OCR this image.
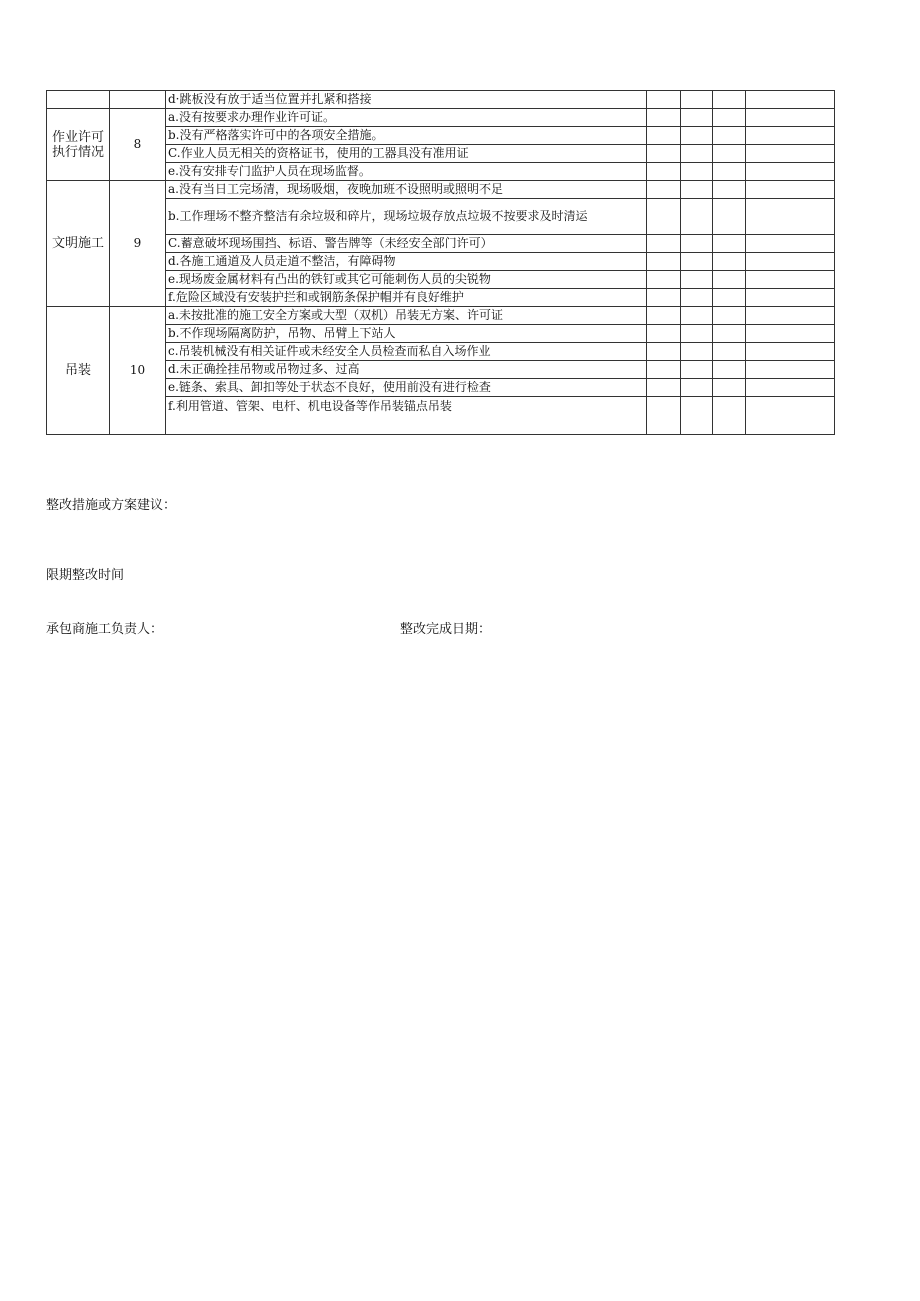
		d·跳板没有放于适当位置并扎紧和搭接				
作业许可执行情况	8	a.没有按要求办理作业许可证。				
		b.没有严格落实许可中的各项安全措施。				
		C.作业人员无相关的资格证书，使用的工器具没有准用证				
		e.没有安排专门监护人员在现场监督。				
文明施工	9	a.没有当日工完场清，现场吸烟，夜晚加班不设照明或照明不足				
		b.工作理场不整齐整洁有余垃圾和碎片，现场垃圾存放点垃圾不按要求及时清运				
		C.蓄意破坏现场围挡、标语、警告牌等（未经安全部门许可）				
		d.各施工通道及人员走道不整洁，有障碍物				
		e.现场废金属材料有凸出的铁钉或其它可能刺伤人员的尖锐物				
		f.危险区域没有安装护拦和或钢筋条保护帽并有良好维护				
吊装	10	a.未按批准的施工安全方案或大型（双机）吊装无方案、许可证				
		b.不作现场隔离防护，吊物、吊臂上下站人				
		c.吊装机械没有相关证件或未经安全人员检查而私自入场作业				
		d.未正确拴挂吊物或吊物过多、过高				
		e.链条、索具、卸扣等处于状态不良好，使用前没有进行检查				
		f.利用管道、管架、电杆、机电设备等作吊装锚点吊装				
整改措施或方案建议：
限期整改时间
承包商施工负责人：	整改完成日期：
